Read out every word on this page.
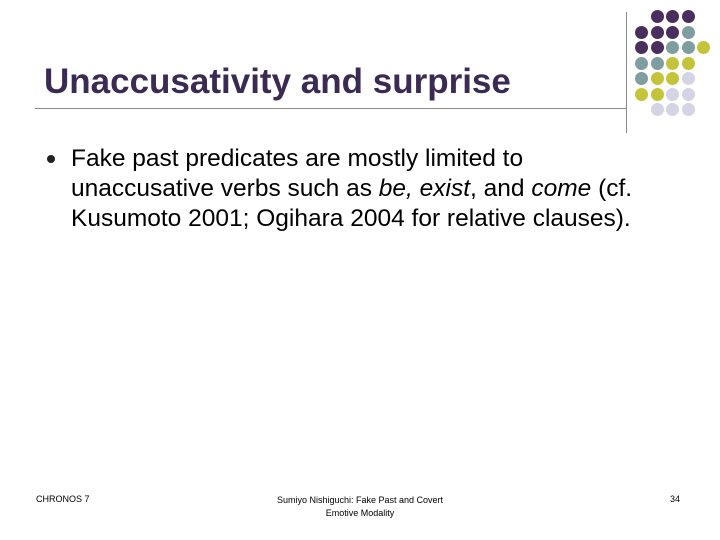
Unaccusativity and surprise
Fake past predicates are mostly limited to unaccusative verbs such as be, exist, and come (cf. Kusumoto 2001; Ogihara 2004 for relative clauses).
CHRONOS 7	Sumiyo Nishiguchi: Fake Past and Covert
Emotive Modality
34
